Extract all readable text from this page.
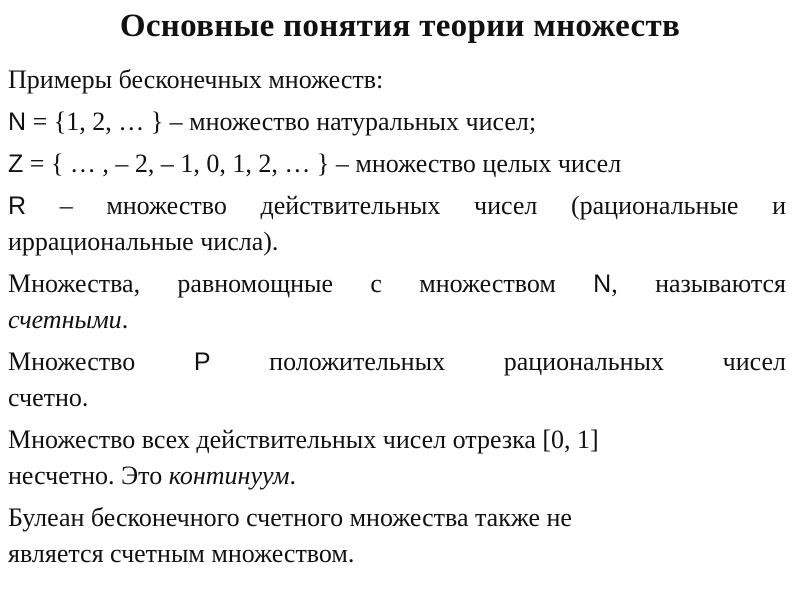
Основные понятия теории множеств
Примеры бесконечных множеств:
N = {1, 2, … } – множество натуральных чисел;
Z = { … , – 2, – 1, 0, 1, 2, … } – множество целых чисел
R – множество действительных чисел (рациональные и
иррациональные числа).
Множества, равномощные с множеством N, называются
счетными.
Множество P положительных рациональных чисел
счетно.
Множество всех действительных чисел отрезка [0, 1]
несчетно. Это континуум.
Булеан бесконечного счетного множества также не
является счетным множеством.
